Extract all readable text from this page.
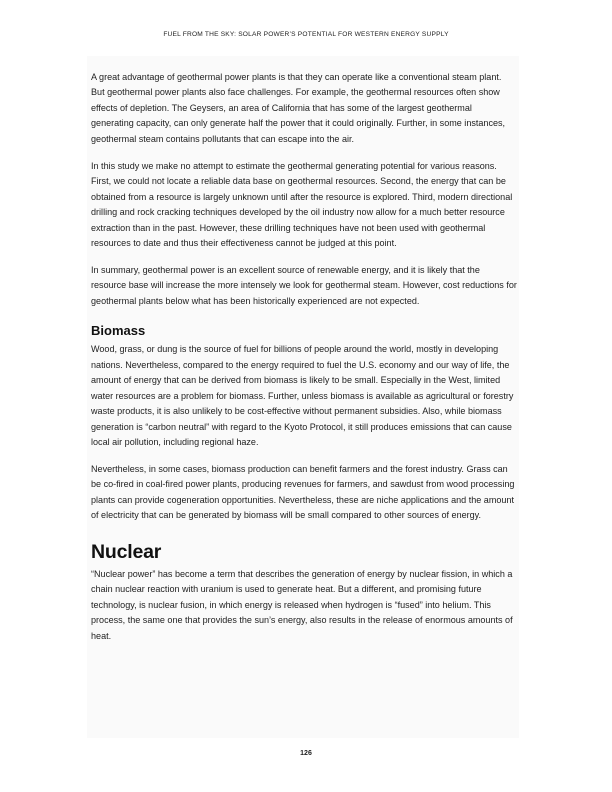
FUEL FROM THE SKY: SOLAR POWER’S POTENTIAL FOR WESTERN ENERGY SUPPLY

A great advantage of geothermal power plants is that they can operate like a conventional steam plant. But geothermal power plants also face challenges. For example, the geothermal resources often show effects of depletion. The Geysers, an area of California that has some of the largest geothermal generating capacity, can only generate half the power that it could originally. Further, in some instances, geothermal steam contains pollutants that can escape into the air.

In this study we make no attempt to estimate the geothermal generating potential for various reasons. First, we could not locate a reliable data base on geothermal resources. Second, the energy that can be obtained from a resource is largely unknown until after the resource is explored. Third, modern directional drilling and rock cracking techniques developed by the oil industry now allow for a much better resource extraction than in the past. However, these drilling techniques have not been used with geothermal resources to date and thus their effectiveness cannot be judged at this point.

In summary, geothermal power is an excellent source of renewable energy, and it is likely that the resource base will increase the more intensely we look for geothermal steam. However, cost reductions for geothermal plants below what has been historically experienced are not expected.

Biomass

Wood, grass, or dung is the source of fuel for billions of people around the world, mostly in developing nations. Nevertheless, compared to the energy required to fuel the U.S. economy and our way of life, the amount of energy that can be derived from biomass is likely to be small. Especially in the West, limited water resources are a problem for biomass. Further, unless biomass is available as agricultural or forestry waste products, it is also unlikely to be cost-effective without permanent subsidies. Also, while biomass generation is “carbon neutral” with regard to the Kyoto Protocol, it still produces emissions that can cause local air pollution, including regional haze.

Nevertheless, in some cases, biomass production can benefit farmers and the forest industry. Grass can be co-fired in coal-fired power plants, producing revenues for farmers, and sawdust from wood processing plants can provide cogeneration opportunities. Nevertheless, these are niche applications and the amount of electricity that can be generated by biomass will be small compared to other sources of energy.

Nuclear

“Nuclear power” has become a term that describes the generation of energy by nuclear fission, in which a chain nuclear reaction with uranium is used to generate heat. But a different, and promising future technology, is nuclear fusion, in which energy is released when hydrogen is “fused” into helium. This process, the same one that provides the sun’s energy, also results in the release of enormous amounts of heat.

126
